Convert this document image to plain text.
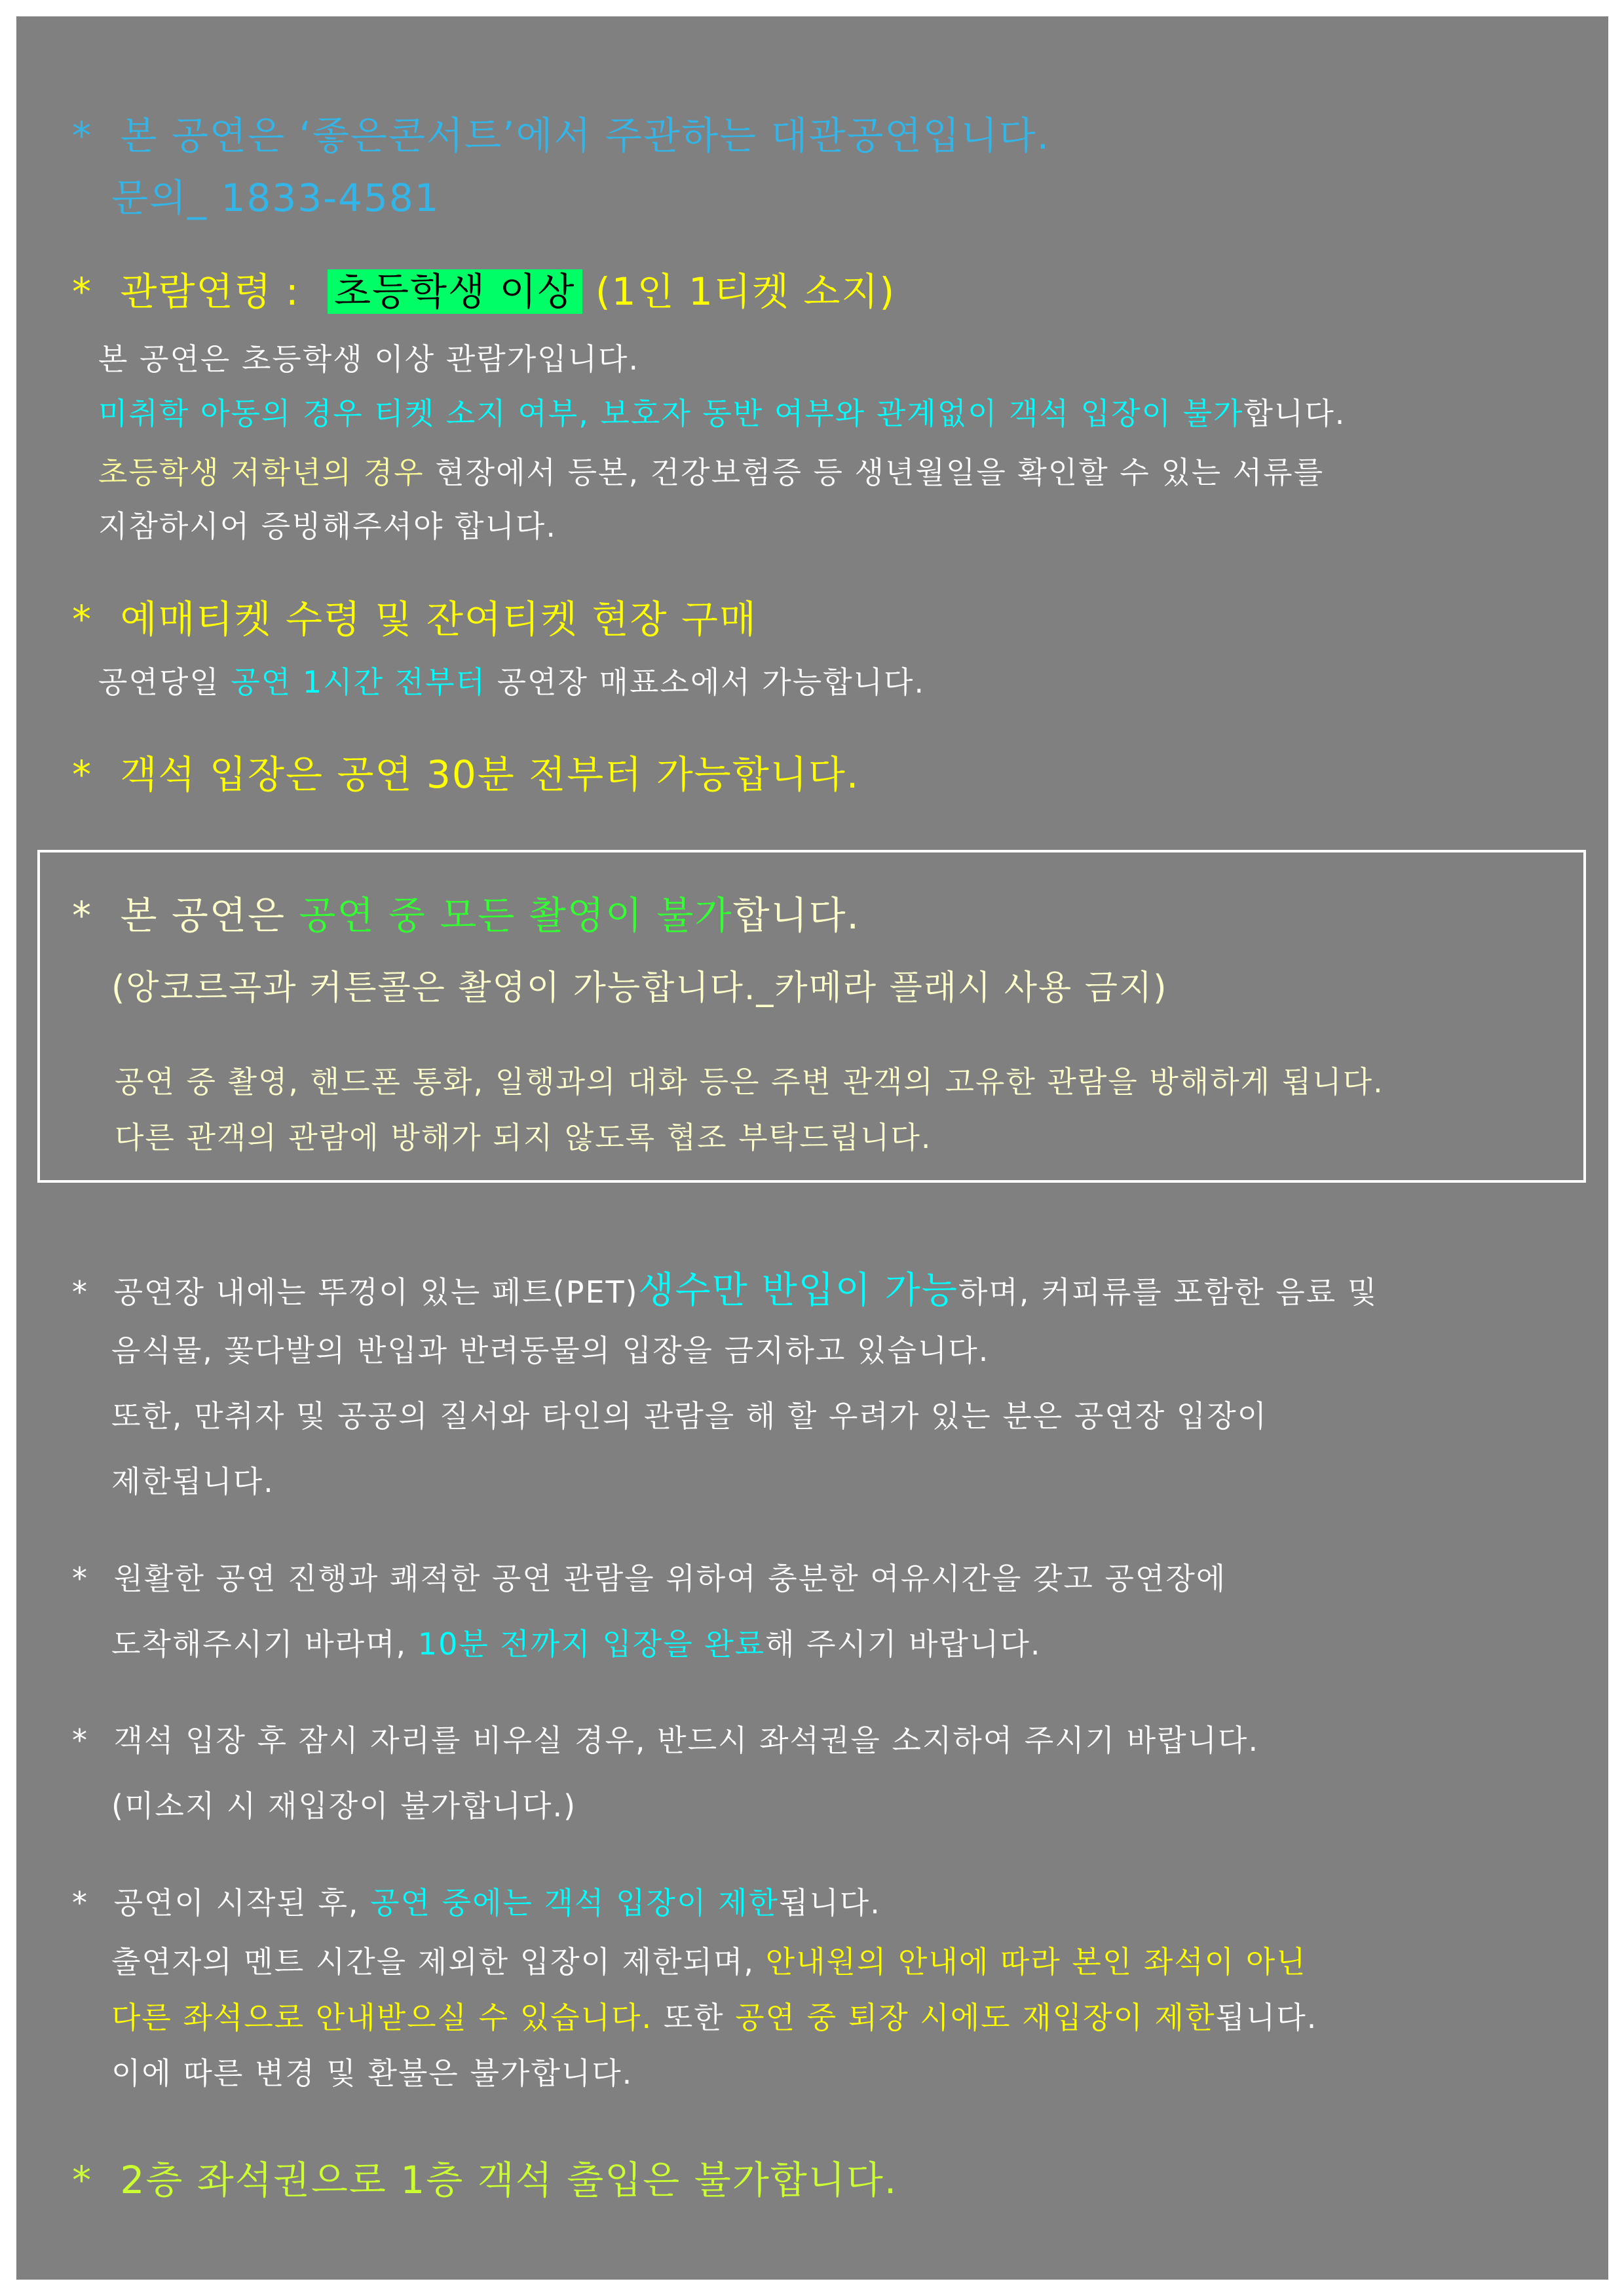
* 본 공연은 ‘좋은콘서트’에서 주관하는 대관공연입니다.
문의_ 1833-4581
* 관람연령 : 초등학생 이상 (1인 1티켓 소지)
본 공연은 초등학생 이상 관람가입니다.
미취학 아동의 경우 티켓 소지 여부, 보호자 동반 여부와 관계없이 객석 입장이 불가합니다.
초등학생 저학년의 경우 현장에서 등본, 건강보험증 등 생년월일을 확인할 수 있는 서류를
지참하시어 증빙해주셔야 합니다.
* 예매티켓 수령 및 잔여티켓 현장 구매
공연당일 공연 1시간 전부터 공연장 매표소에서 가능합니다.
* 객석 입장은 공연 30분 전부터 가능합니다.
* 본 공연은 공연 중 모든 촬영이 불가합니다.
(앙코르곡과 커튼콜은 촬영이 가능합니다._카메라 플래시 사용 금지)
공연 중 촬영, 핸드폰 통화, 일행과의 대화 등은 주변 관객의 고유한 관람을 방해하게 됩니다.
다른 관객의 관람에 방해가 되지 않도록 협조 부탁드립니다.
* 공연장 내에는 뚜껑이 있는 페트(PET)생수만 반입이 가능하며, 커피류를 포함한 음료 및
음식물, 꽃다발의 반입과 반려동물의 입장을 금지하고 있습니다.
또한, 만취자 및 공공의 질서와 타인의 관람을 해 할 우려가 있는 분은 공연장 입장이
제한됩니다.
* 원활한 공연 진행과 쾌적한 공연 관람을 위하여 충분한 여유시간을 갖고 공연장에
도착해주시기 바라며, 10분 전까지 입장을 완료해 주시기 바랍니다.
* 객석 입장 후 잠시 자리를 비우실 경우, 반드시 좌석권을 소지하여 주시기 바랍니다.
(미소지 시 재입장이 불가합니다.)
* 공연이 시작된 후, 공연 중에는 객석 입장이 제한됩니다.
출연자의 멘트 시간을 제외한 입장이 제한되며, 안내원의 안내에 따라 본인 좌석이 아닌
다른 좌석으로 안내받으실 수 있습니다. 또한 공연 중 퇴장 시에도 재입장이 제한됩니다.
이에 따른 변경 및 환불은 불가합니다.
* 2층 좌석권으로 1층 객석 출입은 불가합니다.
